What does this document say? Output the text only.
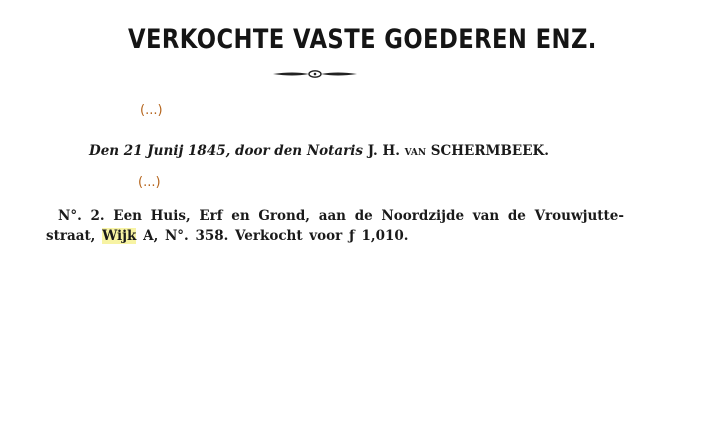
VERKOCHTE VASTE GOEDEREN ENZ.
(...)
Den 21 Junij 1845, door den Notaris J. H. van SCHERMBEEK.
(...)
N°. 2. Een Huis, Erf en Grond, aan de Noordzijde van de Vrouwjutte-
straat, Wijk A, N°. 358. Verkocht voor ƒ 1,010.
